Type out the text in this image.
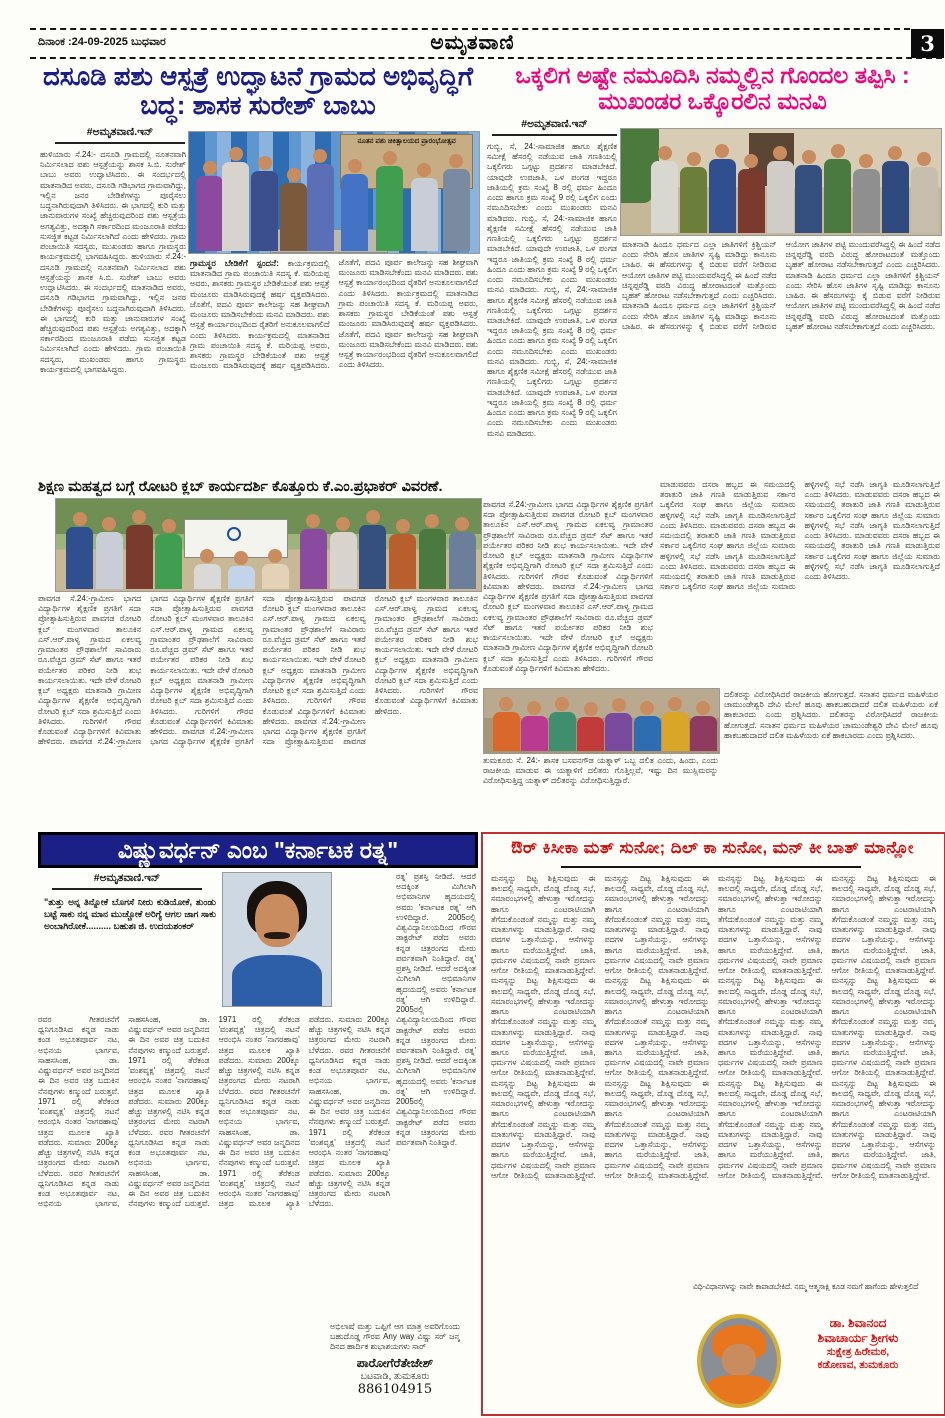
ದಿನಾಂಕ :24-09-2025 ಬುಧವಾರ	ಅಮೃತವಾಣಿ	3
ದಸೂಡಿ ಪಶು ಆಸ್ಪತ್ರೆ ಉದ್ಘಾಟನೆ ಗ್ರಾಮದ ಅಭಿವೃದ್ಧಿಗೆ ಬದ್ಧ: ಶಾಸಕ ಸುರೇಶ್ ಬಾಬು
#ಅಮೃತವಾಣಿ.ಇನ್
ನೂತನ ಪಶು ಚಿಕಿತ್ಸಾಲಯದ ಪ್ರಾರಂಭೋತ್ಸವ
ಹುಳಿಯಾರು ಸೆ.24:- ದಸೂಡಿ ಗ್ರಾಮದಲ್ಲಿ ನೂತನವಾಗಿ ನಿರ್ಮಿಸಲಾದ ಪಶು ಆಸ್ಪತ್ರೆಯನ್ನು ಶಾಸಕ ಸಿ.ಬಿ. ಸುರೇಶ್ ಬಾಬು ಅವರು ಉದ್ಘಾಟಿಸಿದರು. ಈ ಸಂದರ್ಭದಲ್ಲಿ ಮಾತನಾಡಿದ ಅವರು, ದಸೂಡಿ ಗಡಿಭಾಗದ ಗ್ರಾಮವಾಗಿದ್ದು, ಇಲ್ಲಿನ ಜನರ ಬೇಡಿಕೆಗಳನ್ನು ಪೂರೈಸಲು ಬದ್ಧನಾಗಿರುವುದಾಗಿ ತಿಳಿಸಿದರು. ಈ ಭಾಗದಲ್ಲಿ ಕುರಿ ಮತ್ತು ಜಾನುವಾರುಗಳ ಸಂಖ್ಯೆ ಹೆಚ್ಚಿರುವುದರಿಂದ ಪಶು ಆಸ್ಪತ್ರೆಯ ಅಗತ್ಯವಿತ್ತು, ಅದಕ್ಕಾಗಿ ಸರ್ಕಾರದಿಂದ ಮಂಜೂರಾತಿ ಪಡೆದು ಸುಸಜ್ಜಿತ ಕಟ್ಟಡ ನಿರ್ಮಿಸಲಾಗಿದೆ ಎಂದು ಹೇಳಿದರು. ಗ್ರಾಮ ಪಂಚಾಯಿತಿ ಸದಸ್ಯರು, ಮುಖಂಡರು ಹಾಗೂ ಗ್ರಾಮಸ್ಥರು ಕಾರ್ಯಕ್ರಮದಲ್ಲಿ ಭಾಗವಹಿಸಿದ್ದರು. ಹುಳಿಯಾರು ಸೆ.24:- ದಸೂಡಿ ಗ್ರಾಮದಲ್ಲಿ ನೂತನವಾಗಿ ನಿರ್ಮಿಸಲಾದ ಪಶು ಆಸ್ಪತ್ರೆಯನ್ನು ಶಾಸಕ ಸಿ.ಬಿ. ಸುರೇಶ್ ಬಾಬು ಅವರು ಉದ್ಘಾಟಿಸಿದರು. ಈ ಸಂದರ್ಭದಲ್ಲಿ ಮಾತನಾಡಿದ ಅವರು, ದಸೂಡಿ ಗಡಿಭಾಗದ ಗ್ರಾಮವಾಗಿದ್ದು, ಇಲ್ಲಿನ ಜನರ ಬೇಡಿಕೆಗಳನ್ನು ಪೂರೈಸಲು ಬದ್ಧನಾಗಿರುವುದಾಗಿ ತಿಳಿಸಿದರು. ಈ ಭಾಗದಲ್ಲಿ ಕುರಿ ಮತ್ತು ಜಾನುವಾರುಗಳ ಸಂಖ್ಯೆ ಹೆಚ್ಚಿರುವುದರಿಂದ ಪಶು ಆಸ್ಪತ್ರೆಯ ಅಗತ್ಯವಿತ್ತು, ಅದಕ್ಕಾಗಿ ಸರ್ಕಾರದಿಂದ ಮಂಜೂರಾತಿ ಪಡೆದು ಸುಸಜ್ಜಿತ ಕಟ್ಟಡ ನಿರ್ಮಿಸಲಾಗಿದೆ ಎಂದು ಹೇಳಿದರು. ಗ್ರಾಮ ಪಂಚಾಯಿತಿ ಸದಸ್ಯರು, ಮುಖಂಡರು ಹಾಗೂ ಗ್ರಾಮಸ್ಥರು ಕಾರ್ಯಕ್ರಮದಲ್ಲಿ ಭಾಗವಹಿಸಿದ್ದರು.
ಗ್ರಾಮಸ್ಥರ ಬೇಡಿಕೆಗೆ ಸ್ಪಂದನೆ: ಕಾರ್ಯಕ್ರಮದಲ್ಲಿ ಮಾತನಾಡಿದ ಗ್ರಾಮ ಪಂಚಾಯಿತಿ ಸದಸ್ಯ ಕೆ. ಮರಿಯಪ್ಪ ಅವರು, ಶಾಸಕರು ಗ್ರಾಮಸ್ಥರ ಬೇಡಿಕೆಯಂತೆ ಪಶು ಆಸ್ಪತ್ರೆ ಮಂಜೂರು ಮಾಡಿಸಿರುವುದಕ್ಕೆ ಹರ್ಷ ವ್ಯಕ್ತಪಡಿಸಿದರು. ಜೊತೆಗೆ, ಪದವಿ ಪೂರ್ವ ಕಾಲೇಜನ್ನು ಸಹ ಶೀಘ್ರವಾಗಿ ಮಂಜೂರು ಮಾಡಿಸಬೇಕೆಂದು ಮನವಿ ಮಾಡಿದರು. ಪಶು ಆಸ್ಪತ್ರೆ ಕಾರ್ಯಾರಂಭದಿಂದ ರೈತರಿಗೆ ಅನುಕೂಲವಾಗಲಿದೆ ಎಂದು ತಿಳಿಸಿದರು. ಕಾರ್ಯಕ್ರಮದಲ್ಲಿ ಮಾತನಾಡಿದ ಗ್ರಾಮ ಪಂಚಾಯಿತಿ ಸದಸ್ಯ ಕೆ. ಮರಿಯಪ್ಪ ಅವರು, ಶಾಸಕರು ಗ್ರಾಮಸ್ಥರ ಬೇಡಿಕೆಯಂತೆ ಪಶು ಆಸ್ಪತ್ರೆ ಮಂಜೂರು ಮಾಡಿಸಿರುವುದಕ್ಕೆ ಹರ್ಷ ವ್ಯಕ್ತಪಡಿಸಿದರು. ಜೊತೆಗೆ, ಪದವಿ ಪೂರ್ವ ಕಾಲೇಜನ್ನು ಸಹ ಶೀಘ್ರವಾಗಿ ಮಂಜೂರು ಮಾಡಿಸಬೇಕೆಂದು ಮನವಿ ಮಾಡಿದರು. ಪಶು ಆಸ್ಪತ್ರೆ ಕಾರ್ಯಾರಂಭದಿಂದ ರೈತರಿಗೆ ಅನುಕೂಲವಾಗಲಿದೆ ಎಂದು ತಿಳಿಸಿದರು. ಕಾರ್ಯಕ್ರಮದಲ್ಲಿ ಮಾತನಾಡಿದ ಗ್ರಾಮ ಪಂಚಾಯಿತಿ ಸದಸ್ಯ ಕೆ. ಮರಿಯಪ್ಪ ಅವರು, ಶಾಸಕರು ಗ್ರಾಮಸ್ಥರ ಬೇಡಿಕೆಯಂತೆ ಪಶು ಆಸ್ಪತ್ರೆ ಮಂಜೂರು ಮಾಡಿಸಿರುವುದಕ್ಕೆ ಹರ್ಷ ವ್ಯಕ್ತಪಡಿಸಿದರು. ಜೊತೆಗೆ, ಪದವಿ ಪೂರ್ವ ಕಾಲೇಜನ್ನು ಸಹ ಶೀಘ್ರವಾಗಿ ಮಂಜೂರು ಮಾಡಿಸಬೇಕೆಂದು ಮನವಿ ಮಾಡಿದರು. ಪಶು ಆಸ್ಪತ್ರೆ ಕಾರ್ಯಾರಂಭದಿಂದ ರೈತರಿಗೆ ಅನುಕೂಲವಾಗಲಿದೆ ಎಂದು ತಿಳಿಸಿದರು.
ಒಕ್ಕಲಿಗ ಅಷ್ಟೇ ನಮೂದಿಸಿ ನಮ್ಮಲ್ಲಿನ ಗೊಂದಲ ತಪ್ಪಿಸಿ : ಮುಖಂಡರ ಒಕ್ಕೊರಲಿನ ಮನವಿ
#ಅಮೃತವಾಣಿ.ಇನ್
ಗುಬ್ಬಿ, ಸೆ, 24:-ಸಾಮಾಜಿಕ ಹಾಗೂ ಶೈಕ್ಷಣಿಕ ಸಮೀಕ್ಷೆ ಹೆಸರಲ್ಲಿ ನಡೆಯುವ ಜಾತಿ ಗಣತಿಯಲ್ಲಿ ಒಕ್ಕಲಿಗರು ಒಗ್ಗಟ್ಟು ಪ್ರದರ್ಶನ ಮಾಡಬೇಕಿದೆ. ಯಾವುದೇ ಉಪಜಾತಿ, ಒಳ ಪಂಗಡ ಇದ್ದರೂ ಜಾತಿಯಲ್ಲಿ ಕ್ರಮ ಸಂಖ್ಯೆ 8 ರಲ್ಲಿ ಧರ್ಮ ಹಿಂದೂ ಎಂದು ಹಾಗೂ ಕ್ರಮ ಸಂಖ್ಯೆ 9 ರಲ್ಲಿ ಒಕ್ಕಲಿಗ ಎಂದು ನಮೂದಿಸಬೇಕು ಎಂದು ಮುಖಂಡರು ಮನವಿ ಮಾಡಿದರು. ಗುಬ್ಬಿ, ಸೆ, 24:-ಸಾಮಾಜಿಕ ಹಾಗೂ ಶೈಕ್ಷಣಿಕ ಸಮೀಕ್ಷೆ ಹೆಸರಲ್ಲಿ ನಡೆಯುವ ಜಾತಿ ಗಣತಿಯಲ್ಲಿ ಒಕ್ಕಲಿಗರು ಒಗ್ಗಟ್ಟು ಪ್ರದರ್ಶನ ಮಾಡಬೇಕಿದೆ. ಯಾವುದೇ ಉಪಜಾತಿ, ಒಳ ಪಂಗಡ ಇದ್ದರೂ ಜಾತಿಯಲ್ಲಿ ಕ್ರಮ ಸಂಖ್ಯೆ 8 ರಲ್ಲಿ ಧರ್ಮ ಹಿಂದೂ ಎಂದು ಹಾಗೂ ಕ್ರಮ ಸಂಖ್ಯೆ 9 ರಲ್ಲಿ ಒಕ್ಕಲಿಗ ಎಂದು ನಮೂದಿಸಬೇಕು ಎಂದು ಮುಖಂಡರು ಮನವಿ ಮಾಡಿದರು. ಗುಬ್ಬಿ, ಸೆ, 24:-ಸಾಮಾಜಿಕ ಹಾಗೂ ಶೈಕ್ಷಣಿಕ ಸಮೀಕ್ಷೆ ಹೆಸರಲ್ಲಿ ನಡೆಯುವ ಜಾತಿ ಗಣತಿಯಲ್ಲಿ ಒಕ್ಕಲಿಗರು ಒಗ್ಗಟ್ಟು ಪ್ರದರ್ಶನ ಮಾಡಬೇಕಿದೆ. ಯಾವುದೇ ಉಪಜಾತಿ, ಒಳ ಪಂಗಡ ಇದ್ದರೂ ಜಾತಿಯಲ್ಲಿ ಕ್ರಮ ಸಂಖ್ಯೆ 8 ರಲ್ಲಿ ಧರ್ಮ ಹಿಂದೂ ಎಂದು ಹಾಗೂ ಕ್ರಮ ಸಂಖ್ಯೆ 9 ರಲ್ಲಿ ಒಕ್ಕಲಿಗ ಎಂದು ನಮೂದಿಸಬೇಕು ಎಂದು ಮುಖಂಡರು ಮನವಿ ಮಾಡಿದರು. ಗುಬ್ಬಿ, ಸೆ, 24:-ಸಾಮಾಜಿಕ ಹಾಗೂ ಶೈಕ್ಷಣಿಕ ಸಮೀಕ್ಷೆ ಹೆಸರಲ್ಲಿ ನಡೆಯುವ ಜಾತಿ ಗಣತಿಯಲ್ಲಿ ಒಕ್ಕಲಿಗರು ಒಗ್ಗಟ್ಟು ಪ್ರದರ್ಶನ ಮಾಡಬೇಕಿದೆ. ಯಾವುದೇ ಉಪಜಾತಿ, ಒಳ ಪಂಗಡ ಇದ್ದರೂ ಜಾತಿಯಲ್ಲಿ ಕ್ರಮ ಸಂಖ್ಯೆ 8 ರಲ್ಲಿ ಧರ್ಮ ಹಿಂದೂ ಎಂದು ಹಾಗೂ ಕ್ರಮ ಸಂಖ್ಯೆ 9 ರಲ್ಲಿ ಒಕ್ಕಲಿಗ ಎಂದು ನಮೂದಿಸಬೇಕು ಎಂದು ಮುಖಂಡರು ಮನವಿ ಮಾಡಿದರು.
ಮಾತನಾಡಿ ಹಿಂದೂ ಧರ್ಮದ ಎಲ್ಲಾ ಜಾತಿಗಳಿಗೆ ಕ್ರಿಶ್ಚಿಯನ್ ಎಂದು ಸೇರಿಸಿ ಹೊಸ ಜಾತಿಗಳ ಸೃಷ್ಟಿ ಮಾಡಿದ್ದು ಕಾನೂನು ಬಾಹಿರ. ಈ ಹೆಸರುಗಳನ್ನು ಕೈ ಬಿಡುವ ವರೆಗೆ ನೀಡಿರುವ ಆಯೋಗ ಜಾತಿಗಳ ಪಟ್ಟಿ ಮುಂದುವರೆಸಿದ್ದಲ್ಲಿ ಈ ಹಿಂದೆ ನಡೆದ ಚಿನ್ನಪ್ಪರೆಡ್ಡಿ ವರದಿ ವಿರುದ್ಧ ಹೋರಾಟದಂತೆ ಮತ್ತೊಂದು ಬೃಹತ್ ಹೋರಾಟ ನಡೆಸಬೇಕಾಗುತ್ತದೆ ಎಂದು ಎಚ್ಚರಿಸಿದರು. ಮಾತನಾಡಿ ಹಿಂದೂ ಧರ್ಮದ ಎಲ್ಲಾ ಜಾತಿಗಳಿಗೆ ಕ್ರಿಶ್ಚಿಯನ್ ಎಂದು ಸೇರಿಸಿ ಹೊಸ ಜಾತಿಗಳ ಸೃಷ್ಟಿ ಮಾಡಿದ್ದು ಕಾನೂನು ಬಾಹಿರ. ಈ ಹೆಸರುಗಳನ್ನು ಕೈ ಬಿಡುವ ವರೆಗೆ ನೀಡಿರುವ ಆಯೋಗ ಜಾತಿಗಳ ಪಟ್ಟಿ ಮುಂದುವರೆಸಿದ್ದಲ್ಲಿ ಈ ಹಿಂದೆ ನಡೆದ ಚಿನ್ನಪ್ಪರೆಡ್ಡಿ ವರದಿ ವಿರುದ್ಧ ಹೋರಾಟದಂತೆ ಮತ್ತೊಂದು ಬೃಹತ್ ಹೋರಾಟ ನಡೆಸಬೇಕಾಗುತ್ತದೆ ಎಂದು ಎಚ್ಚರಿಸಿದರು. ಮಾತನಾಡಿ ಹಿಂದೂ ಧರ್ಮದ ಎಲ್ಲಾ ಜಾತಿಗಳಿಗೆ ಕ್ರಿಶ್ಚಿಯನ್ ಎಂದು ಸೇರಿಸಿ ಹೊಸ ಜಾತಿಗಳ ಸೃಷ್ಟಿ ಮಾಡಿದ್ದು ಕಾನೂನು ಬಾಹಿರ. ಈ ಹೆಸರುಗಳನ್ನು ಕೈ ಬಿಡುವ ವರೆಗೆ ನೀಡಿರುವ ಆಯೋಗ ಜಾತಿಗಳ ಪಟ್ಟಿ ಮುಂದುವರೆಸಿದ್ದಲ್ಲಿ ಈ ಹಿಂದೆ ನಡೆದ ಚಿನ್ನಪ್ಪರೆಡ್ಡಿ ವರದಿ ವಿರುದ್ಧ ಹೋರಾಟದಂತೆ ಮತ್ತೊಂದು ಬೃಹತ್ ಹೋರಾಟ ನಡೆಸಬೇಕಾಗುತ್ತದೆ ಎಂದು ಎಚ್ಚರಿಸಿದರು.
ಮಾಡುವವರು ದಸರಾ ಹಬ್ಬದ ಈ ಸಮಯದಲ್ಲಿ ತರಾತುರಿ ಜಾತಿ ಗಣತಿ ಮಾಡುತ್ತಿರುವ ಸರ್ಕಾರ ಒಕ್ಕಲಿಗರ ಸಂಘ ಹಾಗೂ ಜಿಲ್ಲೆಯ ಸುಮಾರು ಹಳ್ಳಿಗಳಲ್ಲಿ ಸಭೆ ನಡೆಸಿ ಜಾಗೃತಿ ಮೂಡಿಸಲಾಗುತ್ತಿದೆ ಎಂದು ತಿಳಿಸಿದರು. ಮಾಡುವವರು ದಸರಾ ಹಬ್ಬದ ಈ ಸಮಯದಲ್ಲಿ ತರಾತುರಿ ಜಾತಿ ಗಣತಿ ಮಾಡುತ್ತಿರುವ ಸರ್ಕಾರ ಒಕ್ಕಲಿಗರ ಸಂಘ ಹಾಗೂ ಜಿಲ್ಲೆಯ ಸುಮಾರು ಹಳ್ಳಿಗಳಲ್ಲಿ ಸಭೆ ನಡೆಸಿ ಜಾಗೃತಿ ಮೂಡಿಸಲಾಗುತ್ತಿದೆ ಎಂದು ತಿಳಿಸಿದರು. ಮಾಡುವವರು ದಸರಾ ಹಬ್ಬದ ಈ ಸಮಯದಲ್ಲಿ ತರಾತುರಿ ಜಾತಿ ಗಣತಿ ಮಾಡುತ್ತಿರುವ ಸರ್ಕಾರ ಒಕ್ಕಲಿಗರ ಸಂಘ ಹಾಗೂ ಜಿಲ್ಲೆಯ ಸುಮಾರು ಹಳ್ಳಿಗಳಲ್ಲಿ ಸಭೆ ನಡೆಸಿ ಜಾಗೃತಿ ಮೂಡಿಸಲಾಗುತ್ತಿದೆ ಎಂದು ತಿಳಿಸಿದರು. ಮಾಡುವವರು ದಸರಾ ಹಬ್ಬದ ಈ ಸಮಯದಲ್ಲಿ ತರಾತುರಿ ಜಾತಿ ಗಣತಿ ಮಾಡುತ್ತಿರುವ ಸರ್ಕಾರ ಒಕ್ಕಲಿಗರ ಸಂಘ ಹಾಗೂ ಜಿಲ್ಲೆಯ ಸುಮಾರು ಹಳ್ಳಿಗಳಲ್ಲಿ ಸಭೆ ನಡೆಸಿ ಜಾಗೃತಿ ಮೂಡಿಸಲಾಗುತ್ತಿದೆ ಎಂದು ತಿಳಿಸಿದರು. ಮಾಡುವವರು ದಸರಾ ಹಬ್ಬದ ಈ ಸಮಯದಲ್ಲಿ ತರಾತುರಿ ಜಾತಿ ಗಣತಿ ಮಾಡುತ್ತಿರುವ ಸರ್ಕಾರ ಒಕ್ಕಲಿಗರ ಸಂಘ ಹಾಗೂ ಜಿಲ್ಲೆಯ ಸುಮಾರು ಹಳ್ಳಿಗಳಲ್ಲಿ ಸಭೆ ನಡೆಸಿ ಜಾಗೃತಿ ಮೂಡಿಸಲಾಗುತ್ತಿದೆ ಎಂದು ತಿಳಿಸಿದರು.
ತುಮಕೂರು ಸೆ. 24:- ಶಾಸಕ ಬಸವನಗೌಡ ಯತ್ನಾಳ್ ಒಬ್ಬ ದಲಿತ ಎಂದು, ಹಿಂದು, ಎಂದು ರಾಜಕೀಯ ಮಾಡುವ ಈ ಯತ್ನಾಳಿಗೆ ದಲಿತರು ಗೊತ್ತಿಲ್ಲವೆ, ಇಷ್ಟು ದಿನ ಮುಸ್ಲಿಮರನ್ನು ವಿರೋಧಿಸುತ್ತಿದ್ದ ಯತ್ನಾಳ್ ದಲಿತರನ್ನು ವಿರೋಧಿಸುತ್ತಿದ್ದಾರೆ.
ದಲಿತರನ್ನು ವಿರೋಧಿಸಿದರೆ ರಾಜಕೀಯ ಹೋಗುತ್ತದೆ. ಸನಾತನ ಧರ್ಮದ ಮಹಿಳೆಯರ ಚಾಮುಂಡೇಶ್ವರಿ ದೇವಿ ಮೇಲೆ ಹೂವು ಹಾಕಬಹುದಾದರೆ ದಲಿತ ಮಹಿಳೆಯರು ಏಕೆ ಹಾಕಬಾರದು ಎಂದು ಪ್ರಶ್ನಿಸಿದರು. ದಲಿತರನ್ನು ವಿರೋಧಿಸಿದರೆ ರಾಜಕೀಯ ಹೋಗುತ್ತದೆ. ಸನಾತನ ಧರ್ಮದ ಮಹಿಳೆಯರ ಚಾಮುಂಡೇಶ್ವರಿ ದೇವಿ ಮೇಲೆ ಹೂವು ಹಾಕಬಹುದಾದರೆ ದಲಿತ ಮಹಿಳೆಯರು ಏಕೆ ಹಾಕಬಾರದು ಎಂದು ಪ್ರಶ್ನಿಸಿದರು.
ಶಿಕ್ಷಣ ಮಹತ್ವದ ಬಗ್ಗೆ ರೋಟರಿ ಕ್ಲಬ್ ಕಾರ್ಯದರ್ಶಿ ಕೊತ್ತೂರು ಕೆ.ಎಂ.ಪ್ರಭಾಕರ್ ವಿವರಣೆ.
ಪಾವಗಡ ಸೆ.24:-ಗ್ರಾಮೀಣ ಭಾಗದ ವಿದ್ಯಾರ್ಥಿಗಳ ಶೈಕ್ಷಣಿಕ ಪ್ರಗತಿಗೆ ಸದಾ ಪ್ರೋತ್ಸಾಹಿಸುತ್ತಿರುವ ಪಾವಗಡ ರೋಟರಿ ಕ್ಲಬ್ ಮಂಗಳವಾರ ತಾಲೂಕಿನ ಎಸ್.ಆರ್.ಪಾಳ್ಯ ಗ್ರಾಮದ ಏಕಲವ್ಯ ಗ್ರಾಮಾಂತರ ಪ್ರೌಢಶಾಲೆಗೆ ಸಾವಿರಾರು ರೂ.ವೆಚ್ಚದ ಡ್ರಮ್ ಸೆಟ್ ಹಾಗೂ ಇತರೆ ಪರ್ಯೇತರ ಪರಿಕರ ನೀಡಿ ಶುಭ ಕಾರ್ಯಸಲಾಯಿತು. ಇದೇ ವೇಳೆ ರೋಟರಿ ಕ್ಲಬ್ ಅಧ್ಯಕ್ಷರು ಮಾತನಾಡಿ ಗ್ರಾಮೀಣ ವಿದ್ಯಾರ್ಥಿಗಳ ಶೈಕ್ಷಣಿಕ ಅಭಿವೃದ್ಧಿಗಾಗಿ ರೋಟರಿ ಕ್ಲಬ್ ಸದಾ ಶ್ರಮಿಸುತ್ತಿದೆ ಎಂದು ತಿಳಿಸಿದರು. ಗುರಿಗಳಿಗೆ ಗೌರವ ಕೊಡುವಂತೆ ವಿದ್ಯಾರ್ಥಿಗಳಿಗೆ ಕಿವಿಮಾತು ಹೇಳಿದರು. ಪಾವಗಡ ಸೆ.24:-ಗ್ರಾಮೀಣ ಭಾಗದ ವಿದ್ಯಾರ್ಥಿಗಳ ಶೈಕ್ಷಣಿಕ ಪ್ರಗತಿಗೆ ಸದಾ ಪ್ರೋತ್ಸಾಹಿಸುತ್ತಿರುವ ಪಾವಗಡ ರೋಟರಿ ಕ್ಲಬ್ ಮಂಗಳವಾರ ತಾಲೂಕಿನ ಎಸ್.ಆರ್.ಪಾಳ್ಯ ಗ್ರಾಮದ ಏಕಲವ್ಯ ಗ್ರಾಮಾಂತರ ಪ್ರೌಢಶಾಲೆಗೆ ಸಾವಿರಾರು ರೂ.ವೆಚ್ಚದ ಡ್ರಮ್ ಸೆಟ್ ಹಾಗೂ ಇತರೆ ಪರ್ಯೇತರ ಪರಿಕರ ನೀಡಿ ಶುಭ ಕಾರ್ಯಸಲಾಯಿತು. ಇದೇ ವೇಳೆ ರೋಟರಿ ಕ್ಲಬ್ ಅಧ್ಯಕ್ಷರು ಮಾತನಾಡಿ ಗ್ರಾಮೀಣ ವಿದ್ಯಾರ್ಥಿಗಳ ಶೈಕ್ಷಣಿಕ ಅಭಿವೃದ್ಧಿಗಾಗಿ ರೋಟರಿ ಕ್ಲಬ್ ಸದಾ ಶ್ರಮಿಸುತ್ತಿದೆ ಎಂದು ತಿಳಿಸಿದರು. ಗುರಿಗಳಿಗೆ ಗೌರವ ಕೊಡುವಂತೆ ವಿದ್ಯಾರ್ಥಿಗಳಿಗೆ ಕಿವಿಮಾತು ಹೇಳಿದರು. ಪಾವಗಡ ಸೆ.24:-ಗ್ರಾಮೀಣ ಭಾಗದ ವಿದ್ಯಾರ್ಥಿಗಳ ಶೈಕ್ಷಣಿಕ ಪ್ರಗತಿಗೆ ಸದಾ ಪ್ರೋತ್ಸಾಹಿಸುತ್ತಿರುವ ಪಾವಗಡ ರೋಟರಿ ಕ್ಲಬ್ ಮಂಗಳವಾರ ತಾಲೂಕಿನ ಎಸ್.ಆರ್.ಪಾಳ್ಯ ಗ್ರಾಮದ ಏಕಲವ್ಯ ಗ್ರಾಮಾಂತರ ಪ್ರೌಢಶಾಲೆಗೆ ಸಾವಿರಾರು ರೂ.ವೆಚ್ಚದ ಡ್ರಮ್ ಸೆಟ್ ಹಾಗೂ ಇತರೆ ಪರ್ಯೇತರ ಪರಿಕರ ನೀಡಿ ಶುಭ ಕಾರ್ಯಸಲಾಯಿತು. ಇದೇ ವೇಳೆ ರೋಟರಿ ಕ್ಲಬ್ ಅಧ್ಯಕ್ಷರು ಮಾತನಾಡಿ ಗ್ರಾಮೀಣ ವಿದ್ಯಾರ್ಥಿಗಳ ಶೈಕ್ಷಣಿಕ ಅಭಿವೃದ್ಧಿಗಾಗಿ ರೋಟರಿ ಕ್ಲಬ್ ಸದಾ ಶ್ರಮಿಸುತ್ತಿದೆ ಎಂದು ತಿಳಿಸಿದರು. ಗುರಿಗಳಿಗೆ ಗೌರವ ಕೊಡುವಂತೆ ವಿದ್ಯಾರ್ಥಿಗಳಿಗೆ ಕಿವಿಮಾತು ಹೇಳಿದರು. ಪಾವಗಡ ಸೆ.24:-ಗ್ರಾಮೀಣ ಭಾಗದ ವಿದ್ಯಾರ್ಥಿಗಳ ಶೈಕ್ಷಣಿಕ ಪ್ರಗತಿಗೆ ಸದಾ ಪ್ರೋತ್ಸಾಹಿಸುತ್ತಿರುವ ಪಾವಗಡ ರೋಟರಿ ಕ್ಲಬ್ ಮಂಗಳವಾರ ತಾಲೂಕಿನ ಎಸ್.ಆರ್.ಪಾಳ್ಯ ಗ್ರಾಮದ ಏಕಲವ್ಯ ಗ್ರಾಮಾಂತರ ಪ್ರೌಢಶಾಲೆಗೆ ಸಾವಿರಾರು ರೂ.ವೆಚ್ಚದ ಡ್ರಮ್ ಸೆಟ್ ಹಾಗೂ ಇತರೆ ಪರ್ಯೇತರ ಪರಿಕರ ನೀಡಿ ಶುಭ ಕಾರ್ಯಸಲಾಯಿತು. ಇದೇ ವೇಳೆ ರೋಟರಿ ಕ್ಲಬ್ ಅಧ್ಯಕ್ಷರು ಮಾತನಾಡಿ ಗ್ರಾಮೀಣ ವಿದ್ಯಾರ್ಥಿಗಳ ಶೈಕ್ಷಣಿಕ ಅಭಿವೃದ್ಧಿಗಾಗಿ ರೋಟರಿ ಕ್ಲಬ್ ಸದಾ ಶ್ರಮಿಸುತ್ತಿದೆ ಎಂದು ತಿಳಿಸಿದರು. ಗುರಿಗಳಿಗೆ ಗೌರವ ಕೊಡುವಂತೆ ವಿದ್ಯಾರ್ಥಿಗಳಿಗೆ ಕಿವಿಮಾತು ಹೇಳಿದರು.
ಪಾವಗಡ ಸೆ.24:-ಗ್ರಾಮೀಣ ಭಾಗದ ವಿದ್ಯಾರ್ಥಿಗಳ ಶೈಕ್ಷಣಿಕ ಪ್ರಗತಿಗೆ ಸದಾ ಪ್ರೋತ್ಸಾಹಿಸುತ್ತಿರುವ ಪಾವಗಡ ರೋಟರಿ ಕ್ಲಬ್ ಮಂಗಳವಾರ ತಾಲೂಕಿನ ಎಸ್.ಆರ್.ಪಾಳ್ಯ ಗ್ರಾಮದ ಏಕಲವ್ಯ ಗ್ರಾಮಾಂತರ ಪ್ರೌಢಶಾಲೆಗೆ ಸಾವಿರಾರು ರೂ.ವೆಚ್ಚದ ಡ್ರಮ್ ಸೆಟ್ ಹಾಗೂ ಇತರೆ ಪರ್ಯೇತರ ಪರಿಕರ ನೀಡಿ ಶುಭ ಕಾರ್ಯಸಲಾಯಿತು. ಇದೇ ವೇಳೆ ರೋಟರಿ ಕ್ಲಬ್ ಅಧ್ಯಕ್ಷರು ಮಾತನಾಡಿ ಗ್ರಾಮೀಣ ವಿದ್ಯಾರ್ಥಿಗಳ ಶೈಕ್ಷಣಿಕ ಅಭಿವೃದ್ಧಿಗಾಗಿ ರೋಟರಿ ಕ್ಲಬ್ ಸದಾ ಶ್ರಮಿಸುತ್ತಿದೆ ಎಂದು ತಿಳಿಸಿದರು. ಗುರಿಗಳಿಗೆ ಗೌರವ ಕೊಡುವಂತೆ ವಿದ್ಯಾರ್ಥಿಗಳಿಗೆ ಕಿವಿಮಾತು ಹೇಳಿದರು. ಪಾವಗಡ ಸೆ.24:-ಗ್ರಾಮೀಣ ಭಾಗದ ವಿದ್ಯಾರ್ಥಿಗಳ ಶೈಕ್ಷಣಿಕ ಪ್ರಗತಿಗೆ ಸದಾ ಪ್ರೋತ್ಸಾಹಿಸುತ್ತಿರುವ ಪಾವಗಡ ರೋಟರಿ ಕ್ಲಬ್ ಮಂಗಳವಾರ ತಾಲೂಕಿನ ಎಸ್.ಆರ್.ಪಾಳ್ಯ ಗ್ರಾಮದ ಏಕಲವ್ಯ ಗ್ರಾಮಾಂತರ ಪ್ರೌಢಶಾಲೆಗೆ ಸಾವಿರಾರು ರೂ.ವೆಚ್ಚದ ಡ್ರಮ್ ಸೆಟ್ ಹಾಗೂ ಇತರೆ ಪರ್ಯೇತರ ಪರಿಕರ ನೀಡಿ ಶುಭ ಕಾರ್ಯಸಲಾಯಿತು. ಇದೇ ವೇಳೆ ರೋಟರಿ ಕ್ಲಬ್ ಅಧ್ಯಕ್ಷರು ಮಾತನಾಡಿ ಗ್ರಾಮೀಣ ವಿದ್ಯಾರ್ಥಿಗಳ ಶೈಕ್ಷಣಿಕ ಅಭಿವೃದ್ಧಿಗಾಗಿ ರೋಟರಿ ಕ್ಲಬ್ ಸದಾ ಶ್ರಮಿಸುತ್ತಿದೆ ಎಂದು ತಿಳಿಸಿದರು. ಗುರಿಗಳಿಗೆ ಗೌರವ ಕೊಡುವಂತೆ ವಿದ್ಯಾರ್ಥಿಗಳಿಗೆ ಕಿವಿಮಾತು ಹೇಳಿದರು.
ವಿಷ್ಣುವರ್ಧನ್ ಎಂಬ "ಕರ್ನಾಟಕ ರತ್ನ"
#ಅಮೃತವಾಣಿ.ಇನ್
"ತುತ್ತು ಅನ್ನ ತಿನ್ನೋಕೆ ಬೊಗಸೆ ನೀರು ಕುಡಿಯೋಕೆ, ತುಂಡು ಬಟ್ಟೆ ಸಾಕು ನನ್ನ ಮಾನ ಮುಚ್ಚೋಕೆ ಅರಿಗ್ಯೆ ಆಗಲ ಜಾಗ ಸಾಕು ಅಂಬಾಗಿರೋಕೆ.......... ಬಹುಶಃ ಜಿ. ಉದಯಶಂಕರ್
ರವರ ಗೀತರಚನೆಗೆ ಧ್ವನಿಗೂಡಿಸಿದ ಕನ್ನಡ ನಾಡು ಕಂಡ ಅಭೂತಪೂರ್ವ ನಟ, ಅಭಿನಯ ಭಾರ್ಗವ, ಸಾಹಸಸಿಂಹ, ಡಾ. ವಿಷ್ಣುವರ್ಧನ್ ಅವರ ಜನ್ಮದಿನದ ಈ ದಿನ ಅವರ ಚಿತ್ರ ಬದುಕಿನ ನೆನಪುಗಳು ಕಣ್ಮುಂದೆ ಬರುತ್ತವೆ. 1971 ರಲ್ಲಿ ತೆರೆಕಂಡ 'ವಂಶವೃಕ್ಷ' ಚಿತ್ರದಲ್ಲಿ ನಟನೆ ಆರಂಭಿಸಿ ನಂತರ 'ನಾಗರಹಾವು' ಚಿತ್ರದ ಮೂಲಕ ಖ್ಯಾತಿ ಪಡೆದರು. ಸುಮಾರು 200ಕ್ಕೂ ಹೆಚ್ಚು ಚಿತ್ರಗಳಲ್ಲಿ ನಟಿಸಿ ಕನ್ನಡ ಚಿತ್ರರಂಗದ ಮೇರು ನಟರಾಗಿ ಬೆಳೆದರು. ರವರ ಗೀತರಚನೆಗೆ ಧ್ವನಿಗೂಡಿಸಿದ ಕನ್ನಡ ನಾಡು ಕಂಡ ಅಭೂತಪೂರ್ವ ನಟ, ಅಭಿನಯ ಭಾರ್ಗವ, ಸಾಹಸಸಿಂಹ, ಡಾ. ವಿಷ್ಣುವರ್ಧನ್ ಅವರ ಜನ್ಮದಿನದ ಈ ದಿನ ಅವರ ಚಿತ್ರ ಬದುಕಿನ ನೆನಪುಗಳು ಕಣ್ಮುಂದೆ ಬರುತ್ತವೆ. 1971 ರಲ್ಲಿ ತೆರೆಕಂಡ 'ವಂಶವೃಕ್ಷ' ಚಿತ್ರದಲ್ಲಿ ನಟನೆ ಆರಂಭಿಸಿ ನಂತರ 'ನಾಗರಹಾವು' ಚಿತ್ರದ ಮೂಲಕ ಖ್ಯಾತಿ ಪಡೆದರು. ಸುಮಾರು 200ಕ್ಕೂ ಹೆಚ್ಚು ಚಿತ್ರಗಳಲ್ಲಿ ನಟಿಸಿ ಕನ್ನಡ ಚಿತ್ರರಂಗದ ಮೇರು ನಟರಾಗಿ ಬೆಳೆದರು. ರವರ ಗೀತರಚನೆಗೆ ಧ್ವನಿಗೂಡಿಸಿದ ಕನ್ನಡ ನಾಡು ಕಂಡ ಅಭೂತಪೂರ್ವ ನಟ, ಅಭಿನಯ ಭಾರ್ಗವ, ಸಾಹಸಸಿಂಹ, ಡಾ. ವಿಷ್ಣುವರ್ಧನ್ ಅವರ ಜನ್ಮದಿನದ ಈ ದಿನ ಅವರ ಚಿತ್ರ ಬದುಕಿನ ನೆನಪುಗಳು ಕಣ್ಮುಂದೆ ಬರುತ್ತವೆ. 1971 ರಲ್ಲಿ ತೆರೆಕಂಡ 'ವಂಶವೃಕ್ಷ' ಚಿತ್ರದಲ್ಲಿ ನಟನೆ ಆರಂಭಿಸಿ ನಂತರ 'ನಾಗರಹಾವು' ಚಿತ್ರದ ಮೂಲಕ ಖ್ಯಾತಿ ಪಡೆದರು. ಸುಮಾರು 200ಕ್ಕೂ ಹೆಚ್ಚು ಚಿತ್ರಗಳಲ್ಲಿ ನಟಿಸಿ ಕನ್ನಡ ಚಿತ್ರರಂಗದ ಮೇರು ನಟರಾಗಿ ಬೆಳೆದರು. ರವರ ಗೀತರಚನೆಗೆ ಧ್ವನಿಗೂಡಿಸಿದ ಕನ್ನಡ ನಾಡು ಕಂಡ ಅಭೂತಪೂರ್ವ ನಟ, ಅಭಿನಯ ಭಾರ್ಗವ, ಸಾಹಸಸಿಂಹ, ಡಾ. ವಿಷ್ಣುವರ್ಧನ್ ಅವರ ಜನ್ಮದಿನದ ಈ ದಿನ ಅವರ ಚಿತ್ರ ಬದುಕಿನ ನೆನಪುಗಳು ಕಣ್ಮುಂದೆ ಬರುತ್ತವೆ. 1971 ರಲ್ಲಿ ತೆರೆಕಂಡ 'ವಂಶವೃಕ್ಷ' ಚಿತ್ರದಲ್ಲಿ ನಟನೆ ಆರಂಭಿಸಿ ನಂತರ 'ನಾಗರಹಾವು' ಚಿತ್ರದ ಮೂಲಕ ಖ್ಯಾತಿ ಪಡೆದರು. ಸುಮಾರು 200ಕ್ಕೂ ಹೆಚ್ಚು ಚಿತ್ರಗಳಲ್ಲಿ ನಟಿಸಿ ಕನ್ನಡ ಚಿತ್ರರಂಗದ ಮೇರು ನಟರಾಗಿ ಬೆಳೆದರು. ರವರ ಗೀತರಚನೆಗೆ ಧ್ವನಿಗೂಡಿಸಿದ ಕನ್ನಡ ನಾಡು ಕಂಡ ಅಭೂತಪೂರ್ವ ನಟ, ಅಭಿನಯ ಭಾರ್ಗವ, ಸಾಹಸಸಿಂಹ, ಡಾ. ವಿಷ್ಣುವರ್ಧನ್ ಅವರ ಜನ್ಮದಿನದ ಈ ದಿನ ಅವರ ಚಿತ್ರ ಬದುಕಿನ ನೆನಪುಗಳು ಕಣ್ಮುಂದೆ ಬರುತ್ತವೆ. 1971 ರಲ್ಲಿ ತೆರೆಕಂಡ 'ವಂಶವೃಕ್ಷ' ಚಿತ್ರದಲ್ಲಿ ನಟನೆ ಆರಂಭಿಸಿ ನಂತರ 'ನಾಗರಹಾವು' ಚಿತ್ರದ ಮೂಲಕ ಖ್ಯಾತಿ ಪಡೆದರು. ಸುಮಾರು 200ಕ್ಕೂ ಹೆಚ್ಚು ಚಿತ್ರಗಳಲ್ಲಿ ನಟಿಸಿ ಕನ್ನಡ ಚಿತ್ರರಂಗದ ಮೇರು ನಟರಾಗಿ ಬೆಳೆದರು.
ರತ್ನ' ಪ್ರಶಸ್ತಿ ನೀಡಿದೆ. ಆದರೆ ಅದಕ್ಕಿಂತ ಮಿಗಿಲಾಗಿ ಅಭಿಮಾನಿಗಳ ಹೃದಯದಲ್ಲಿ ಅವರು 'ಕರ್ನಾಟಕ ರತ್ನ' ಆಗಿ ಉಳಿದಿದ್ದಾರೆ. 2005ರಲ್ಲಿ ವಿಶ್ವವಿದ್ಯಾನಿಲಯದಿಂದ ಗೌರವ ಡಾಕ್ಟರೇಟ್ ಪಡೆದ ಅವರು ಕನ್ನಡ ಚಿತ್ರರಂಗದ ಮೇರು ಪರ್ವತವಾಗಿ ನಿಂತಿದ್ದಾರೆ. ರತ್ನ' ಪ್ರಶಸ್ತಿ ನೀಡಿದೆ. ಆದರೆ ಅದಕ್ಕಿಂತ ಮಿಗಿಲಾಗಿ ಅಭಿಮಾನಿಗಳ ಹೃದಯದಲ್ಲಿ ಅವರು 'ಕರ್ನಾಟಕ ರತ್ನ' ಆಗಿ ಉಳಿದಿದ್ದಾರೆ. 2005ರಲ್ಲಿ ವಿಶ್ವವಿದ್ಯಾನಿಲಯದಿಂದ ಗೌರವ ಡಾಕ್ಟರೇಟ್ ಪಡೆದ ಅವರು ಕನ್ನಡ ಚಿತ್ರರಂಗದ ಮೇರು ಪರ್ವತವಾಗಿ ನಿಂತಿದ್ದಾರೆ. ರತ್ನ' ಪ್ರಶಸ್ತಿ ನೀಡಿದೆ. ಆದರೆ ಅದಕ್ಕಿಂತ ಮಿಗಿಲಾಗಿ ಅಭಿಮಾನಿಗಳ ಹೃದಯದಲ್ಲಿ ಅವರು 'ಕರ್ನಾಟಕ ರತ್ನ' ಆಗಿ ಉಳಿದಿದ್ದಾರೆ. 2005ರಲ್ಲಿ ವಿಶ್ವವಿದ್ಯಾನಿಲಯದಿಂದ ಗೌರವ ಡಾಕ್ಟರೇಟ್ ಪಡೆದ ಅವರು ಕನ್ನಡ ಚಿತ್ರರಂಗದ ಮೇರು ಪರ್ವತವಾಗಿ ನಿಂತಿದ್ದಾರೆ.
ಅಭಿಲಾಷೆ ಮತ್ತು ಒಪ್ಪಿಗೆ ಆಗ ಮಾತ್ರ ಅವರಿಗೊಂದು ಬಹುದೊಡ್ಡ ಗೌರವ Any way ವಿಷ್ಣು ಸರ್ ಜನ್ಮ ದಿನದ ಹಾರ್ದಿಕ ಶುಭಾಶಯಗಳು ಸಾರ್
ಪಾರೋಗೆರೆತೇಜೇಶ್
ಬಟವಾಡಿ, ತುಮಕೂರು
886104915
ಔರ್ ಕಿಸೀಕಾ ಮತ್ ಸುನೋ; ದಿಲ್ ಕಾ ಸುನೋ, ಮನ್ ಕೀ ಬಾತ್ ಮಾನ್ಲೋ
ಮನಸ್ಸನ್ನು ದಿಟ್ಟ ಶಿಕ್ಷಿಸುವುದು ಈ ಕಾಲದಲ್ಲಿ ಸಾಧ್ಯವೇ, ದೊಡ್ಡ ದೊಡ್ಡ ಸಭೆ, ಸಮಾರಂಭಗಳಲ್ಲಿ ಹೇಳುತ್ತಾ ಇರೋದನ್ನು ಹಾಗೂ ಎಂಟರಾಟಿಯಾಗಿ ತೆಗೆದುಕೊಂಡಂತೆ ನಮ್ಮನ್ನು ಮತ್ತು ನಮ್ಮ ಮಾತುಗಳನ್ನು ಮಾಡುತ್ತಿದ್ದಾರೆ. ನಾವು ಪದಗಳ ಒತ್ತಾಸೆಯನ್ನು, ಆಸೆಗಳನ್ನು ಹಾಗೂ ಮರೆಯುತ್ತಿದ್ದೇವೆ. ಜಾತಿ, ಧರ್ಮಗಳ ವಿಷಯದಲ್ಲಿ ನಾವೇ ಪ್ರಮಾಣ ಆಗೋ ರೀತಿಯಲ್ಲಿ ಮಾತನಾಡುತ್ತಿದ್ದೇವೆ. ಮನಸ್ಸನ್ನು ದಿಟ್ಟ ಶಿಕ್ಷಿಸುವುದು ಈ ಕಾಲದಲ್ಲಿ ಸಾಧ್ಯವೇ, ದೊಡ್ಡ ದೊಡ್ಡ ಸಭೆ, ಸಮಾರಂಭಗಳಲ್ಲಿ ಹೇಳುತ್ತಾ ಇರೋದನ್ನು ಹಾಗೂ ಎಂಟರಾಟಿಯಾಗಿ ತೆಗೆದುಕೊಂಡಂತೆ ನಮ್ಮನ್ನು ಮತ್ತು ನಮ್ಮ ಮಾತುಗಳನ್ನು ಮಾಡುತ್ತಿದ್ದಾರೆ. ನಾವು ಪದಗಳ ಒತ್ತಾಸೆಯನ್ನು, ಆಸೆಗಳನ್ನು ಹಾಗೂ ಮರೆಯುತ್ತಿದ್ದೇವೆ. ಜಾತಿ, ಧರ್ಮಗಳ ವಿಷಯದಲ್ಲಿ ನಾವೇ ಪ್ರಮಾಣ ಆಗೋ ರೀತಿಯಲ್ಲಿ ಮಾತನಾಡುತ್ತಿದ್ದೇವೆ. ಮನಸ್ಸನ್ನು ದಿಟ್ಟ ಶಿಕ್ಷಿಸುವುದು ಈ ಕಾಲದಲ್ಲಿ ಸಾಧ್ಯವೇ, ದೊಡ್ಡ ದೊಡ್ಡ ಸಭೆ, ಸಮಾರಂಭಗಳಲ್ಲಿ ಹೇಳುತ್ತಾ ಇರೋದನ್ನು ಹಾಗೂ ಎಂಟರಾಟಿಯಾಗಿ ತೆಗೆದುಕೊಂಡಂತೆ ನಮ್ಮನ್ನು ಮತ್ತು ನಮ್ಮ ಮಾತುಗಳನ್ನು ಮಾಡುತ್ತಿದ್ದಾರೆ. ನಾವು ಪದಗಳ ಒತ್ತಾಸೆಯನ್ನು, ಆಸೆಗಳನ್ನು ಹಾಗೂ ಮರೆಯುತ್ತಿದ್ದೇವೆ. ಜಾತಿ, ಧರ್ಮಗಳ ವಿಷಯದಲ್ಲಿ ನಾವೇ ಪ್ರಮಾಣ ಆಗೋ ರೀತಿಯಲ್ಲಿ ಮಾತನಾಡುತ್ತಿದ್ದೇವೆ. ಮನಸ್ಸನ್ನು ದಿಟ್ಟ ಶಿಕ್ಷಿಸುವುದು ಈ ಕಾಲದಲ್ಲಿ ಸಾಧ್ಯವೇ, ದೊಡ್ಡ ದೊಡ್ಡ ಸಭೆ, ಸಮಾರಂಭಗಳಲ್ಲಿ ಹೇಳುತ್ತಾ ಇರೋದನ್ನು ಹಾಗೂ ಎಂಟರಾಟಿಯಾಗಿ ತೆಗೆದುಕೊಂಡಂತೆ ನಮ್ಮನ್ನು ಮತ್ತು ನಮ್ಮ ಮಾತುಗಳನ್ನು ಮಾಡುತ್ತಿದ್ದಾರೆ. ನಾವು ಪದಗಳ ಒತ್ತಾಸೆಯನ್ನು, ಆಸೆಗಳನ್ನು ಹಾಗೂ ಮರೆಯುತ್ತಿದ್ದೇವೆ. ಜಾತಿ, ಧರ್ಮಗಳ ವಿಷಯದಲ್ಲಿ ನಾವೇ ಪ್ರಮಾಣ ಆಗೋ ರೀತಿಯಲ್ಲಿ ಮಾತನಾಡುತ್ತಿದ್ದೇವೆ. ಮನಸ್ಸನ್ನು ದಿಟ್ಟ ಶಿಕ್ಷಿಸುವುದು ಈ ಕಾಲದಲ್ಲಿ ಸಾಧ್ಯವೇ, ದೊಡ್ಡ ದೊಡ್ಡ ಸಭೆ, ಸಮಾರಂಭಗಳಲ್ಲಿ ಹೇಳುತ್ತಾ ಇರೋದನ್ನು ಹಾಗೂ ಎಂಟರಾಟಿಯಾಗಿ ತೆಗೆದುಕೊಂಡಂತೆ ನಮ್ಮನ್ನು ಮತ್ತು ನಮ್ಮ ಮಾತುಗಳನ್ನು ಮಾಡುತ್ತಿದ್ದಾರೆ. ನಾವು ಪದಗಳ ಒತ್ತಾಸೆಯನ್ನು, ಆಸೆಗಳನ್ನು ಹಾಗೂ ಮರೆಯುತ್ತಿದ್ದೇವೆ. ಜಾತಿ, ಧರ್ಮಗಳ ವಿಷಯದಲ್ಲಿ ನಾವೇ ಪ್ರಮಾಣ ಆಗೋ ರೀತಿಯಲ್ಲಿ ಮಾತನಾಡುತ್ತಿದ್ದೇವೆ. ಮನಸ್ಸನ್ನು ದಿಟ್ಟ ಶಿಕ್ಷಿಸುವುದು ಈ ಕಾಲದಲ್ಲಿ ಸಾಧ್ಯವೇ, ದೊಡ್ಡ ದೊಡ್ಡ ಸಭೆ, ಸಮಾರಂಭಗಳಲ್ಲಿ ಹೇಳುತ್ತಾ ಇರೋದನ್ನು ಹಾಗೂ ಎಂಟರಾಟಿಯಾಗಿ ತೆಗೆದುಕೊಂಡಂತೆ ನಮ್ಮನ್ನು ಮತ್ತು ನಮ್ಮ ಮಾತುಗಳನ್ನು ಮಾಡುತ್ತಿದ್ದಾರೆ. ನಾವು ಪದಗಳ ಒತ್ತಾಸೆಯನ್ನು, ಆಸೆಗಳನ್ನು ಹಾಗೂ ಮರೆಯುತ್ತಿದ್ದೇವೆ. ಜಾತಿ, ಧರ್ಮಗಳ ವಿಷಯದಲ್ಲಿ ನಾವೇ ಪ್ರಮಾಣ ಆಗೋ ರೀತಿಯಲ್ಲಿ ಮಾತನಾಡುತ್ತಿದ್ದೇವೆ. ಮನಸ್ಸನ್ನು ದಿಟ್ಟ ಶಿಕ್ಷಿಸುವುದು ಈ ಕಾಲದಲ್ಲಿ ಸಾಧ್ಯವೇ, ದೊಡ್ಡ ದೊಡ್ಡ ಸಭೆ, ಸಮಾರಂಭಗಳಲ್ಲಿ ಹೇಳುತ್ತಾ ಇರೋದನ್ನು ಹಾಗೂ ಎಂಟರಾಟಿಯಾಗಿ ತೆಗೆದುಕೊಂಡಂತೆ ನಮ್ಮನ್ನು ಮತ್ತು ನಮ್ಮ ಮಾತುಗಳನ್ನು ಮಾಡುತ್ತಿದ್ದಾರೆ. ನಾವು ಪದಗಳ ಒತ್ತಾಸೆಯನ್ನು, ಆಸೆಗಳನ್ನು ಹಾಗೂ ಮರೆಯುತ್ತಿದ್ದೇವೆ. ಜಾತಿ, ಧರ್ಮಗಳ ವಿಷಯದಲ್ಲಿ ನಾವೇ ಪ್ರಮಾಣ ಆಗೋ ರೀತಿಯಲ್ಲಿ ಮಾತನಾಡುತ್ತಿದ್ದೇವೆ. ಮನಸ್ಸನ್ನು ದಿಟ್ಟ ಶಿಕ್ಷಿಸುವುದು ಈ ಕಾಲದಲ್ಲಿ ಸಾಧ್ಯವೇ, ದೊಡ್ಡ ದೊಡ್ಡ ಸಭೆ, ಸಮಾರಂಭಗಳಲ್ಲಿ ಹೇಳುತ್ತಾ ಇರೋದನ್ನು ಹಾಗೂ ಎಂಟರಾಟಿಯಾಗಿ ತೆಗೆದುಕೊಂಡಂತೆ ನಮ್ಮನ್ನು ಮತ್ತು ನಮ್ಮ ಮಾತುಗಳನ್ನು ಮಾಡುತ್ತಿದ್ದಾರೆ. ನಾವು ಪದಗಳ ಒತ್ತಾಸೆಯನ್ನು, ಆಸೆಗಳನ್ನು ಹಾಗೂ ಮರೆಯುತ್ತಿದ್ದೇವೆ. ಜಾತಿ, ಧರ್ಮಗಳ ವಿಷಯದಲ್ಲಿ ನಾವೇ ಪ್ರಮಾಣ ಆಗೋ ರೀತಿಯಲ್ಲಿ ಮಾತನಾಡುತ್ತಿದ್ದೇವೆ. ಮನಸ್ಸನ್ನು ದಿಟ್ಟ ಶಿಕ್ಷಿಸುವುದು ಈ ಕಾಲದಲ್ಲಿ ಸಾಧ್ಯವೇ, ದೊಡ್ಡ ದೊಡ್ಡ ಸಭೆ, ಸಮಾರಂಭಗಳಲ್ಲಿ ಹೇಳುತ್ತಾ ಇರೋದನ್ನು ಹಾಗೂ ಎಂಟರಾಟಿಯಾಗಿ ತೆಗೆದುಕೊಂಡಂತೆ ನಮ್ಮನ್ನು ಮತ್ತು ನಮ್ಮ ಮಾತುಗಳನ್ನು ಮಾಡುತ್ತಿದ್ದಾರೆ. ನಾವು ಪದಗಳ ಒತ್ತಾಸೆಯನ್ನು, ಆಸೆಗಳನ್ನು ಹಾಗೂ ಮರೆಯುತ್ತಿದ್ದೇವೆ. ಜಾತಿ, ಧರ್ಮಗಳ ವಿಷಯದಲ್ಲಿ ನಾವೇ ಪ್ರಮಾಣ ಆಗೋ ರೀತಿಯಲ್ಲಿ ಮಾತನಾಡುತ್ತಿದ್ದೇವೆ. ಮನಸ್ಸನ್ನು ದಿಟ್ಟ ಶಿಕ್ಷಿಸುವುದು ಈ ಕಾಲದಲ್ಲಿ ಸಾಧ್ಯವೇ, ದೊಡ್ಡ ದೊಡ್ಡ ಸಭೆ, ಸಮಾರಂಭಗಳಲ್ಲಿ ಹೇಳುತ್ತಾ ಇರೋದನ್ನು ಹಾಗೂ ಎಂಟರಾಟಿಯಾಗಿ ತೆಗೆದುಕೊಂಡಂತೆ ನಮ್ಮನ್ನು ಮತ್ತು ನಮ್ಮ ಮಾತುಗಳನ್ನು ಮಾಡುತ್ತಿದ್ದಾರೆ. ನಾವು ಪದಗಳ ಒತ್ತಾಸೆಯನ್ನು, ಆಸೆಗಳನ್ನು ಹಾಗೂ ಮರೆಯುತ್ತಿದ್ದೇವೆ. ಜಾತಿ, ಧರ್ಮಗಳ ವಿಷಯದಲ್ಲಿ ನಾವೇ ಪ್ರಮಾಣ ಆಗೋ ರೀತಿಯಲ್ಲಿ ಮಾತನಾಡುತ್ತಿದ್ದೇವೆ. ಮನಸ್ಸನ್ನು ದಿಟ್ಟ ಶಿಕ್ಷಿಸುವುದು ಈ ಕಾಲದಲ್ಲಿ ಸಾಧ್ಯವೇ, ದೊಡ್ಡ ದೊಡ್ಡ ಸಭೆ, ಸಮಾರಂಭಗಳಲ್ಲಿ ಹೇಳುತ್ತಾ ಇರೋದನ್ನು ಹಾಗೂ ಎಂಟರಾಟಿಯಾಗಿ ತೆಗೆದುಕೊಂಡಂತೆ ನಮ್ಮನ್ನು ಮತ್ತು ನಮ್ಮ ಮಾತುಗಳನ್ನು ಮಾಡುತ್ತಿದ್ದಾರೆ. ನಾವು ಪದಗಳ ಒತ್ತಾಸೆಯನ್ನು, ಆಸೆಗಳನ್ನು ಹಾಗೂ ಮರೆಯುತ್ತಿದ್ದೇವೆ. ಜಾತಿ, ಧರ್ಮಗಳ ವಿಷಯದಲ್ಲಿ ನಾವೇ ಪ್ರಮಾಣ ಆಗೋ ರೀತಿಯಲ್ಲಿ ಮಾತನಾಡುತ್ತಿದ್ದೇವೆ. ಮನಸ್ಸನ್ನು ದಿಟ್ಟ ಶಿಕ್ಷಿಸುವುದು ಈ ಕಾಲದಲ್ಲಿ ಸಾಧ್ಯವೇ, ದೊಡ್ಡ ದೊಡ್ಡ ಸಭೆ, ಸಮಾರಂಭಗಳಲ್ಲಿ ಹೇಳುತ್ತಾ ಇರೋದನ್ನು ಹಾಗೂ ಎಂಟರಾಟಿಯಾಗಿ ತೆಗೆದುಕೊಂಡಂತೆ ನಮ್ಮನ್ನು ಮತ್ತು ನಮ್ಮ ಮಾತುಗಳನ್ನು ಮಾಡುತ್ತಿದ್ದಾರೆ. ನಾವು ಪದಗಳ ಒತ್ತಾಸೆಯನ್ನು, ಆಸೆಗಳನ್ನು ಹಾಗೂ ಮರೆಯುತ್ತಿದ್ದೇವೆ. ಜಾತಿ, ಧರ್ಮಗಳ ವಿಷಯದಲ್ಲಿ ನಾವೇ ಪ್ರಮಾಣ ಆಗೋ ರೀತಿಯಲ್ಲಿ ಮಾತನಾಡುತ್ತಿದ್ದೇವೆ.
ವಿಧಿ-ವಿಧಾನಗಳನ್ನು ನಾವೇ ಕಾಪಾಡಬೇಕಿದೆ. ನಮ್ಮ ಆತ್ಮಸಾಕ್ಷಿ ಕೂಡ ನಮಗೆ ಹಾಗೆಂದು ಹೇಳುತ್ತಲಿದೆ
ಡಾ. ಶಿವಾನಂದ
ಶಿವಾಚಾರ್ಯ ಶ್ರೀಗಳು
ಸುಕ್ಷೇತ್ರ ಹಿರೇಮಠ,
ಕಡೋಣವ, ತುಮಕೂರು
